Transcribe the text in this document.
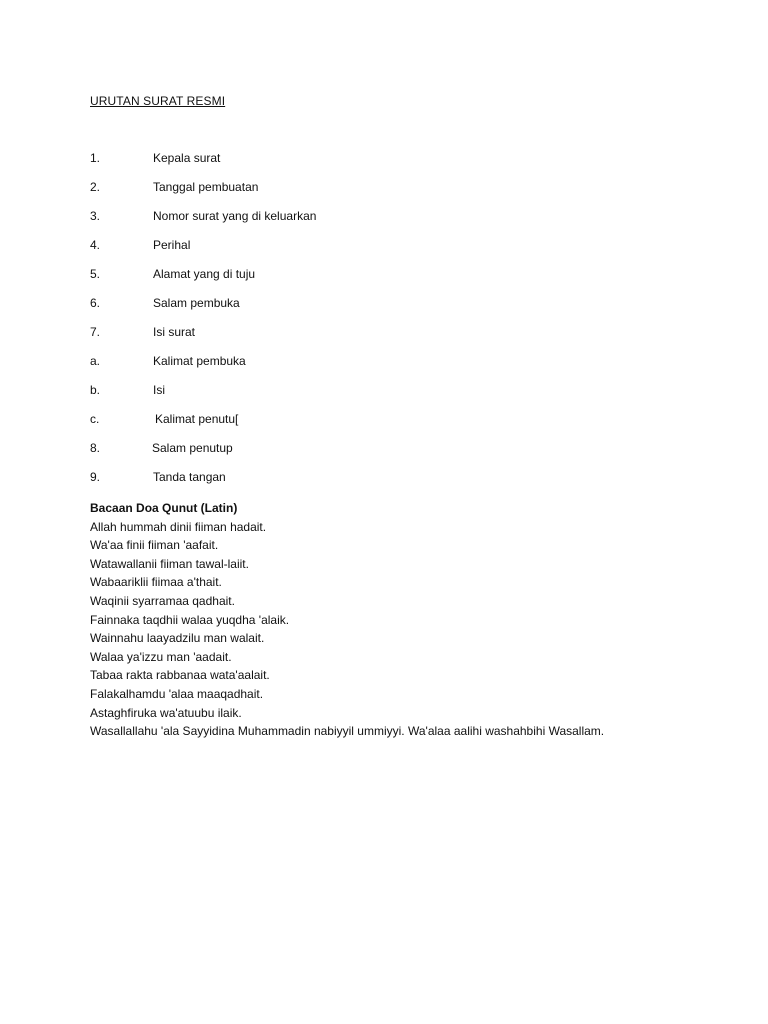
URUTAN SURAT RESMI
1.	Kepala surat
2.	Tanggal pembuatan
3.	Nomor surat yang di keluarkan
4.	Perihal
5.	Alamat yang di tuju
6.	Salam pembuka
7.	Isi surat
a.	Kalimat pembuka
b.	Isi
c.	Kalimat penutu[
8.	Salam penutup
9.	Tanda tangan
Bacaan Doa Qunut (Latin)
Allah hummah dinii fiiman hadait.
Wa'aa finii fiiman 'aafait.
Watawallanii fiiman tawal-laiit.
Wabaariklii fiimaa a'thait.
Waqinii syarramaa qadhait.
Fainnaka taqdhii walaa yuqdha 'alaik.
Wainnahu laayadzilu man walait.
Walaa ya'izzu man 'aadait.
Tabaa rakta rabbanaa wata'aalait.
Falakalhamdu 'alaa maaqadhait.
Astaghfiruka wa'atuubu ilaik.
Wasallallahu 'ala Sayyidina Muhammadin nabiyyil ummiyyi. Wa'alaa aalihi washahbihi Wasallam.
